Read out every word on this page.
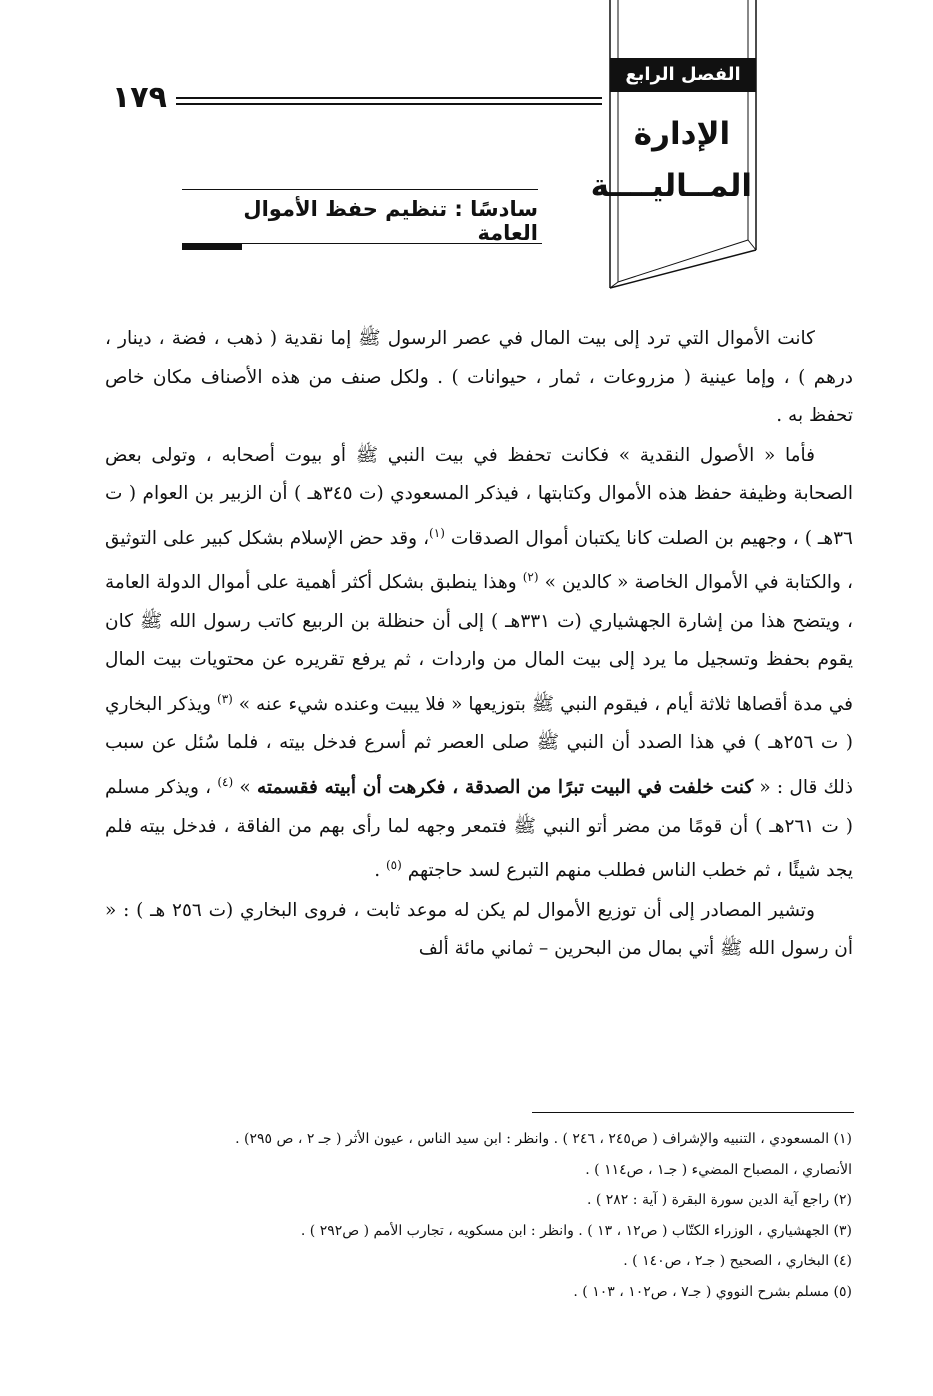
١٧٩
الفصل الرابع
الإدارة
المــاليــــة
سادسًا : تنظيم حفظ الأموال العامة

كانت الأموال التي ترد إلى بيت المال في عصر الرسول ﷺ إما نقدية ( ذهب ، فضة ، دينار ، درهم ) ، وإما عينية ( مزروعات ، ثمار ، حيوانات ) . ولكل صنف من هذه الأصناف مكان خاص تحفظ به .

فأما « الأصول النقدية » فكانت تحفظ في بيت النبي ﷺ أو بيوت أصحابه ، وتولى بعض الصحابة وظيفة حفظ هذه الأموال وكتابتها ، فيذكر المسعودي (ت ٣٤٥هـ ) أن الزبير بن العوام ( ت ٣٦هـ ) ، وجهيم بن الصلت كانا يكتبان أموال الصدقات $^{(١)}$، وقد حض الإسلام بشكل كبير على التوثيق ، والكتابة في الأموال الخاصة « كالدين » $^{(٢)}$ وهذا ينطبق بشكل أكثر أهمية على أموال الدولة العامة ، ويتضح هذا من إشارة الجهشياري (ت ٣٣١هـ ) إلى أن حنظلة بن الربيع كاتب رسول الله ﷺ كان يقوم بحفظ وتسجيل ما يرد إلى بيت المال من واردات ، ثم يرفع تقريره عن محتويات بيت المال في مدة أقصاها ثلاثة أيام ، فيقوم النبي ﷺ بتوزيعها « فلا يبيت وعنده شيء عنه » $^{(٣)}$ ويذكر البخاري ( ت ٢٥٦هـ ) في هذا الصدد أن النبي ﷺ صلى العصر ثم أسرع فدخل بيته ، فلما سُئل عن سبب ذلك قال : « كنت خلفت في البيت تبرًا من الصدقة ، فكرهت أن أبيته فقسمته » $^{(٤)}$ ، ويذكر مسلم ( ت ٢٦١هـ ) أن قومًا من مضر أتو النبي ﷺ فتمعر وجهه لما رأى بهم من الفاقة ، فدخل بيته فلم يجد شيئًا ، ثم خطب الناس فطلب منهم التبرع لسد حاجتهم $^{(٥)}$ .

وتشير المصادر إلى أن توزيع الأموال لم يكن له موعد ثابت ، فروى البخاري (ت ٢٥٦ هـ ) : « أن رسول الله ﷺ أتي بمال من البحرين – ثماني مائة ألف

(١) المسعودي ، التنبيه والإشراف ( ص٢٤٥ ، ٢٤٦ ) . وانظر : ابن سيد الناس ، عيون الأثر ( جـ ٢ ، ص ٢٩٥) .
الأنصاري ، المصباح المضيء ( جـ١ ، ص١١٤ ) .
(٢) راجع آية الدين سورة البقرة ( آية : ٢٨٢ ) .
(٣) الجهشياري ، الوزراء الكتّاب ( ص١٢ ، ١٣ ) . وانظر : ابن مسكويه ، تجارب الأمم ( ص٢٩٢ ) .
(٤) البخاري ، الصحيح ( جـ٢ ، ص١٤٠ ) .
(٥) مسلم بشرح النووي ( جـ٧ ، ص١٠٢ ، ١٠٣ ) .
